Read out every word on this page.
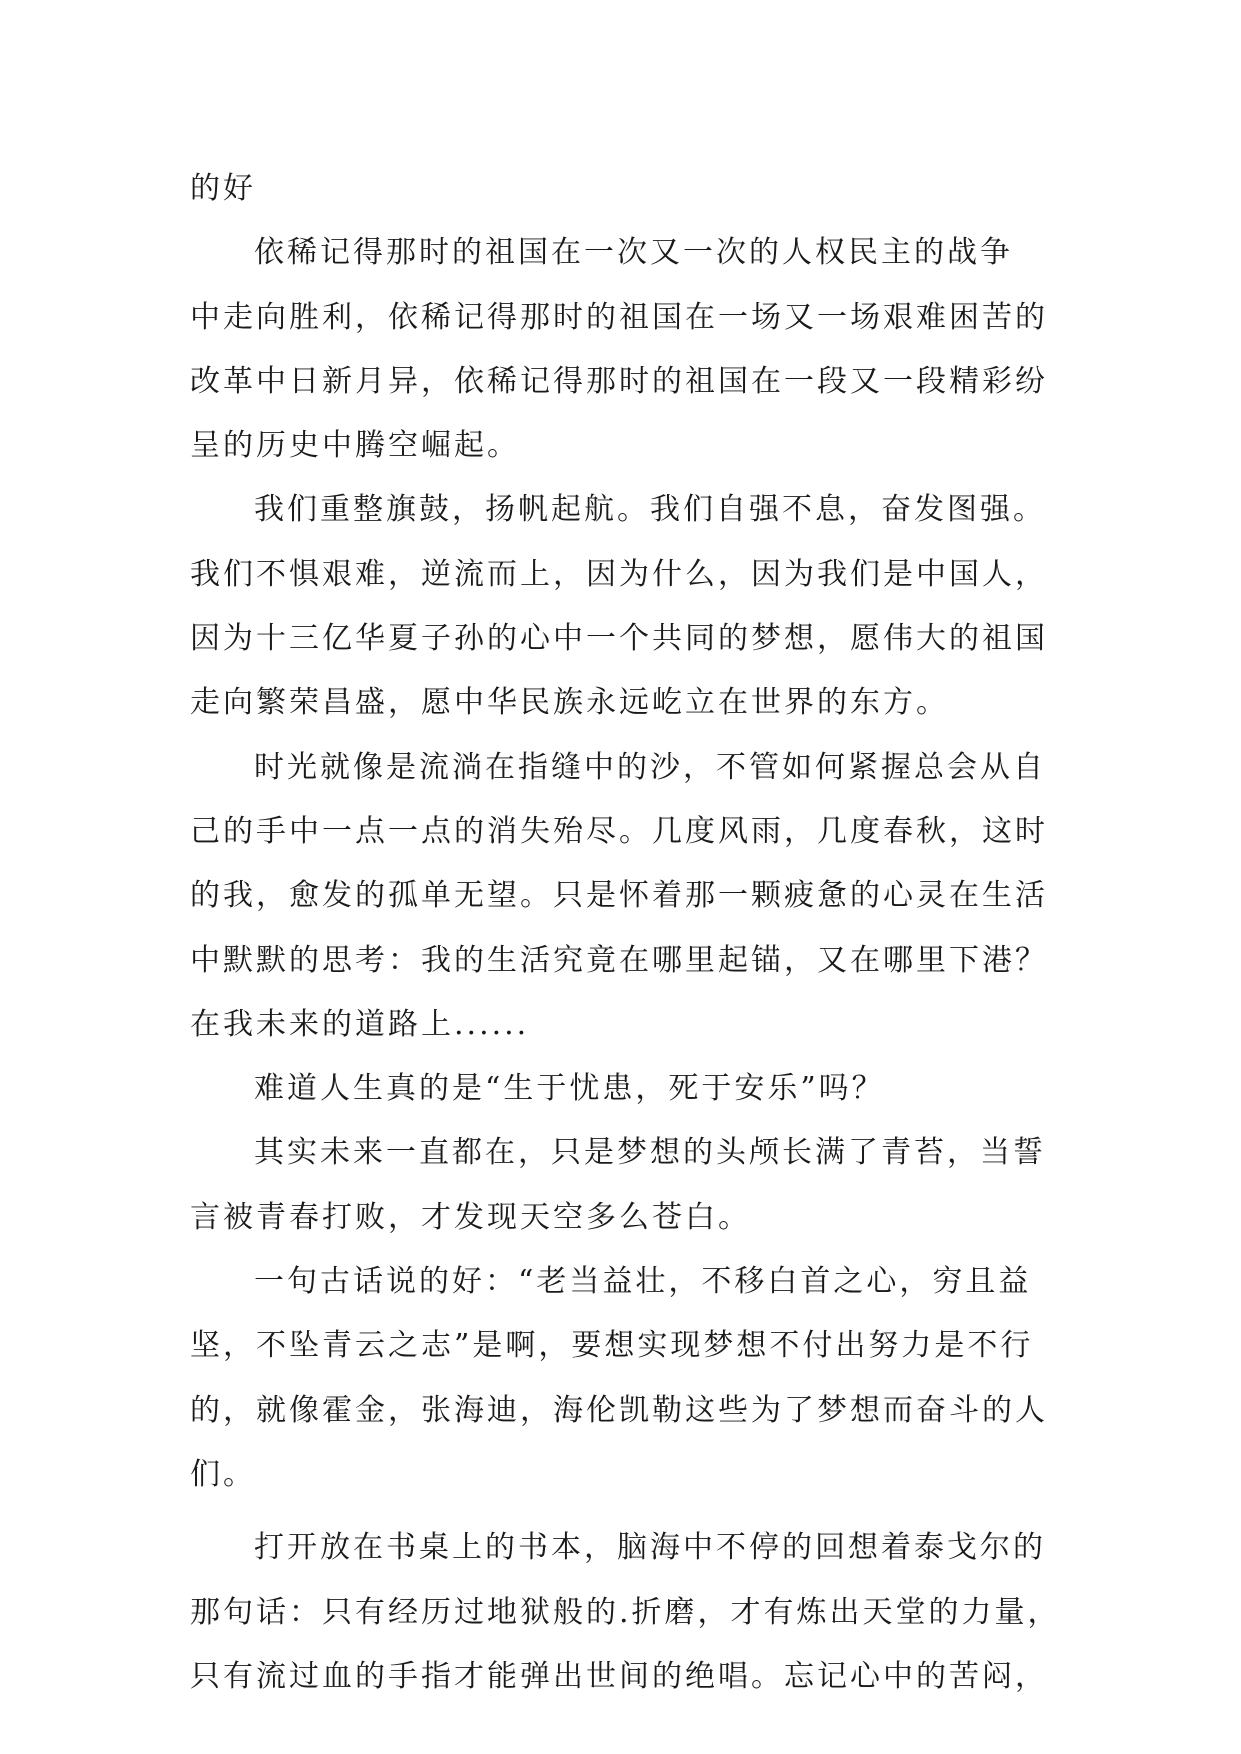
的好
依稀记得那时的祖国在一次又一次的人权民主的战争
中走向胜利，依稀记得那时的祖国在一场又一场艰难困苦的
改革中日新月异，依稀记得那时的祖国在一段又一段精彩纷
呈的历史中腾空崛起。
我们重整旗鼓，扬帆起航。我们自强不息，奋发图强。
我们不惧艰难，逆流而上，因为什么，因为我们是中国人，
因为十三亿华夏子孙的心中一个共同的梦想，愿伟大的祖国
走向繁荣昌盛，愿中华民族永远屹立在世界的东方。
时光就像是流淌在指缝中的沙，不管如何紧握总会从自
己的手中一点一点的消失殆尽。几度风雨，几度春秋，这时
的我，愈发的孤单无望。只是怀着那一颗疲惫的心灵在生活
中默默的思考：我的生活究竟在哪里起锚，又在哪里下港？
在我未来的道路上......
难道人生真的是“生于忧患，死于安乐”吗？
其实未来一直都在，只是梦想的头颅长满了青苔，当誓
言被青春打败，才发现天空多么苍白。
一句古话说的好：“老当益壮，不移白首之心，穷且益
坚，不坠青云之志”是啊，要想实现梦想不付出努力是不行
的，就像霍金，张海迪，海伦凯勒这些为了梦想而奋斗的人
们。
打开放在书桌上的书本，脑海中不停的回想着泰戈尔的
那句话：只有经历过地狱般的.折磨，才有炼出天堂的力量，
只有流过血的手指才能弹出世间的绝唱。忘记心中的苦闷，
